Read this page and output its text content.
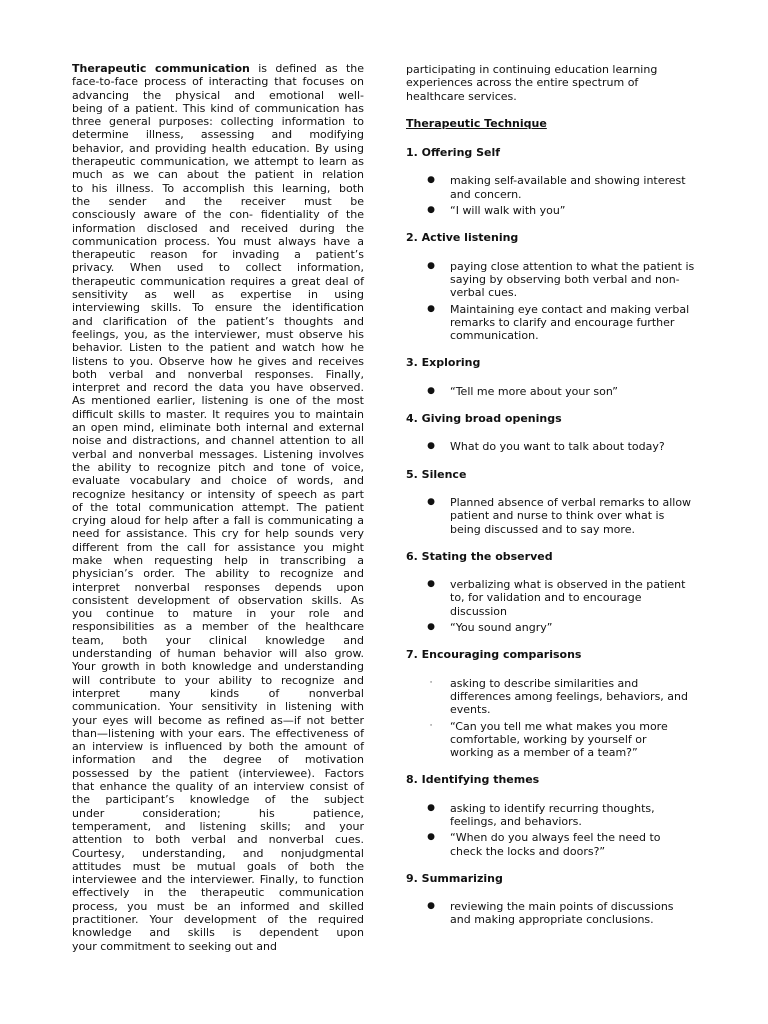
Therapeutic communication is defined as the
face-to-face process of interacting that focuses on
advancing the physical and emotional well-
being of a patient. This kind of communication has
three general purposes: collecting information to
determine illness, assessing and modifying
behavior, and providing health education. By using
therapeutic communication, we attempt to learn as
much as we can about the patient in relation
to his illness. To accomplish this learning, both
the sender and the receiver must be
consciously aware of the con- fidentiality of the
information disclosed and received during the
communication process. You must always have a
therapeutic reason for invading a patient’s
privacy. When used to collect information,
therapeutic communication requires a great deal of
sensitivity as well as expertise in using
interviewing skills. To ensure the identification
and clarification of the patient’s thoughts and
feelings, you, as the interviewer, must observe his
behavior. Listen to the patient and watch how he
listens to you. Observe how he gives and receives
both verbal and nonverbal responses. Finally,
interpret and record the data you have observed.
As mentioned earlier, listening is one of the most
difficult skills to master. It requires you to maintain
an open mind, eliminate both internal and external
noise and distractions, and channel attention to all
verbal and nonverbal messages. Listening involves
the ability to recognize pitch and tone of voice,
evaluate vocabulary and choice of words, and
recognize hesitancy or intensity of speech as part
of the total communication attempt. The patient
crying aloud for help after a fall is communicating a
need for assistance. This cry for help sounds very
different from the call for assistance you might
make when requesting help in transcribing a
physician’s order. The ability to recognize and
interpret nonverbal responses depends upon
consistent development of observation skills. As
you continue to mature in your role and
responsibilities as a member of the healthcare
team, both your clinical knowledge and
understanding of human behavior will also grow.
Your growth in both knowledge and understanding
will contribute to your ability to recognize and
interpret many kinds of nonverbal
communication. Your sensitivity in listening with
your eyes will become as refined as—if not better
than—listening with your ears. The effectiveness of
an interview is influenced by both the amount of
information and the degree of motivation
possessed by the patient (interviewee). Factors
that enhance the quality of an interview consist of
the participant’s knowledge of the subject
under consideration; his patience,
temperament, and listening skills; and your
attention to both verbal and nonverbal cues.
Courtesy, understanding, and nonjudgmental
attitudes must be mutual goals of both the
interviewee and the interviewer. Finally, to function
effectively in the therapeutic communication
process, you must be an informed and skilled
practitioner. Your development of the required
knowledge and skills is dependent upon
your commitment to seeking out and
participating in continuing education learning
experiences across the entire spectrum of
healthcare services.
Therapeutic Technique
1. Offering Self
● making self-available and showing interest
and concern.
● “I will walk with you”
2. Active listening
● paying close attention to what the patient is
saying by observing both verbal and non-
verbal cues.
● Maintaining eye contact and making verbal
remarks to clarify and encourage further
communication.
3. Exploring
● “Tell me more about your son”
4. Giving broad openings
● What do you want to talk about today?
5. Silence
● Planned absence of verbal remarks to allow
patient and nurse to think over what is
being discussed and to say more.
6. Stating the observed
● verbalizing what is observed in the patient
to, for validation and to encourage
discussion
● “You sound angry”
7. Encouraging comparisons
·	asking to describe similarities and
differences among feelings, behaviors, and
events.
·	“Can you tell me what makes you more
comfortable, working by yourself or
working as a member of a team?”
8. Identifying themes
● asking to identify recurring thoughts,
feelings, and behaviors.
● “When do you always feel the need to
check the locks and doors?”
9. Summarizing
● reviewing the main points of discussions
and making appropriate conclusions.
